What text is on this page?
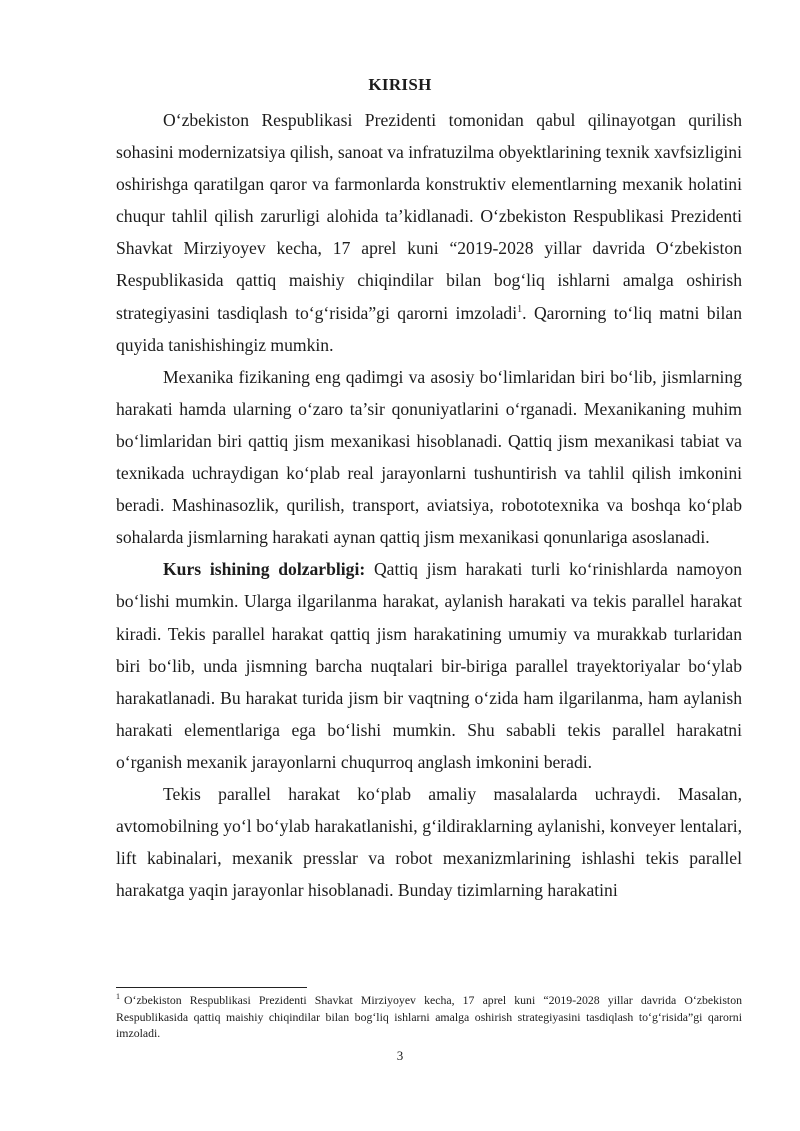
KIRISH

O‘zbekiston Respublikasi Prezidenti tomonidan qabul qilinayotgan qurilish sohasini modernizatsiya qilish, sanoat va infratuzilma obyektlarining texnik xavfsizligini oshirishga qaratilgan qaror va farmonlarda konstruktiv elementlarning mexanik holatini chuqur tahlil qilish zarurligi alohida ta’kidlanadi. O‘zbekiston Respublikasi Prezidenti Shavkat Mirziyoyev kecha, 17 aprel kuni “2019-2028 yillar davrida O‘zbekiston Respublikasida qattiq maishiy chiqindilar bilan bog‘liq ishlarni amalga oshirish strategiyasini tasdiqlash to‘g‘risida”gi qarorni imzoladi$^1$. Qarorning to‘liq matni bilan quyida tanishishingiz mumkin.

Mexanika fizikaning eng qadimgi va asosiy bo‘limlaridan biri bo‘lib, jismlarning harakati hamda ularning o‘zaro ta’sir qonuniyatlarini o‘rganadi. Mexanikaning muhim bo‘limlaridan biri qattiq jism mexanikasi hisoblanadi. Qattiq jism mexanikasi tabiat va texnikada uchraydigan ko‘plab real jarayonlarni tushuntirish va tahlil qilish imkonini beradi. Mashinasozlik, qurilish, transport, aviatsiya, robototexnika va boshqa ko‘plab sohalarda jismlarning harakati aynan qattiq jism mexanikasi qonunlariga asoslanadi.

Kurs ishining dolzarbligi: Qattiq jism harakati turli ko‘rinishlarda namoyon bo‘lishi mumkin. Ularga ilgarilanma harakat, aylanish harakati va tekis parallel harakat kiradi. Tekis parallel harakat qattiq jism harakatining umumiy va murakkab turlaridan biri bo‘lib, unda jismning barcha nuqtalari bir-biriga parallel trayektoriyalar bo‘ylab harakatlanadi. Bu harakat turida jism bir vaqtning o‘zida ham ilgarilanma, ham aylanish harakati elementlariga ega bo‘lishi mumkin. Shu sababli tekis parallel harakatni o‘rganish mexanik jarayonlarni chuqurroq anglash imkonini beradi.

Tekis parallel harakat ko‘plab amaliy masalalarda uchraydi. Masalan, avtomobilning yo‘l bo‘ylab harakatlanishi, g‘ildiraklarning aylanishi, konveyer lentalari, lift kabinalari, mexanik presslar va robot mexanizmlarining ishlashi tekis parallel harakatga yaqin jarayonlar hisoblanadi. Bunday tizimlarning harakatini

$^1$ O‘zbekiston Respublikasi Prezidenti Shavkat Mirziyoyev kecha, 17 aprel kuni “2019-2028 yillar davrida O‘zbekiston Respublikasida qattiq maishiy chiqindilar bilan bog‘liq ishlarni amalga oshirish strategiyasini tasdiqlash to‘g‘risida”gi qarorni imzoladi.
3
